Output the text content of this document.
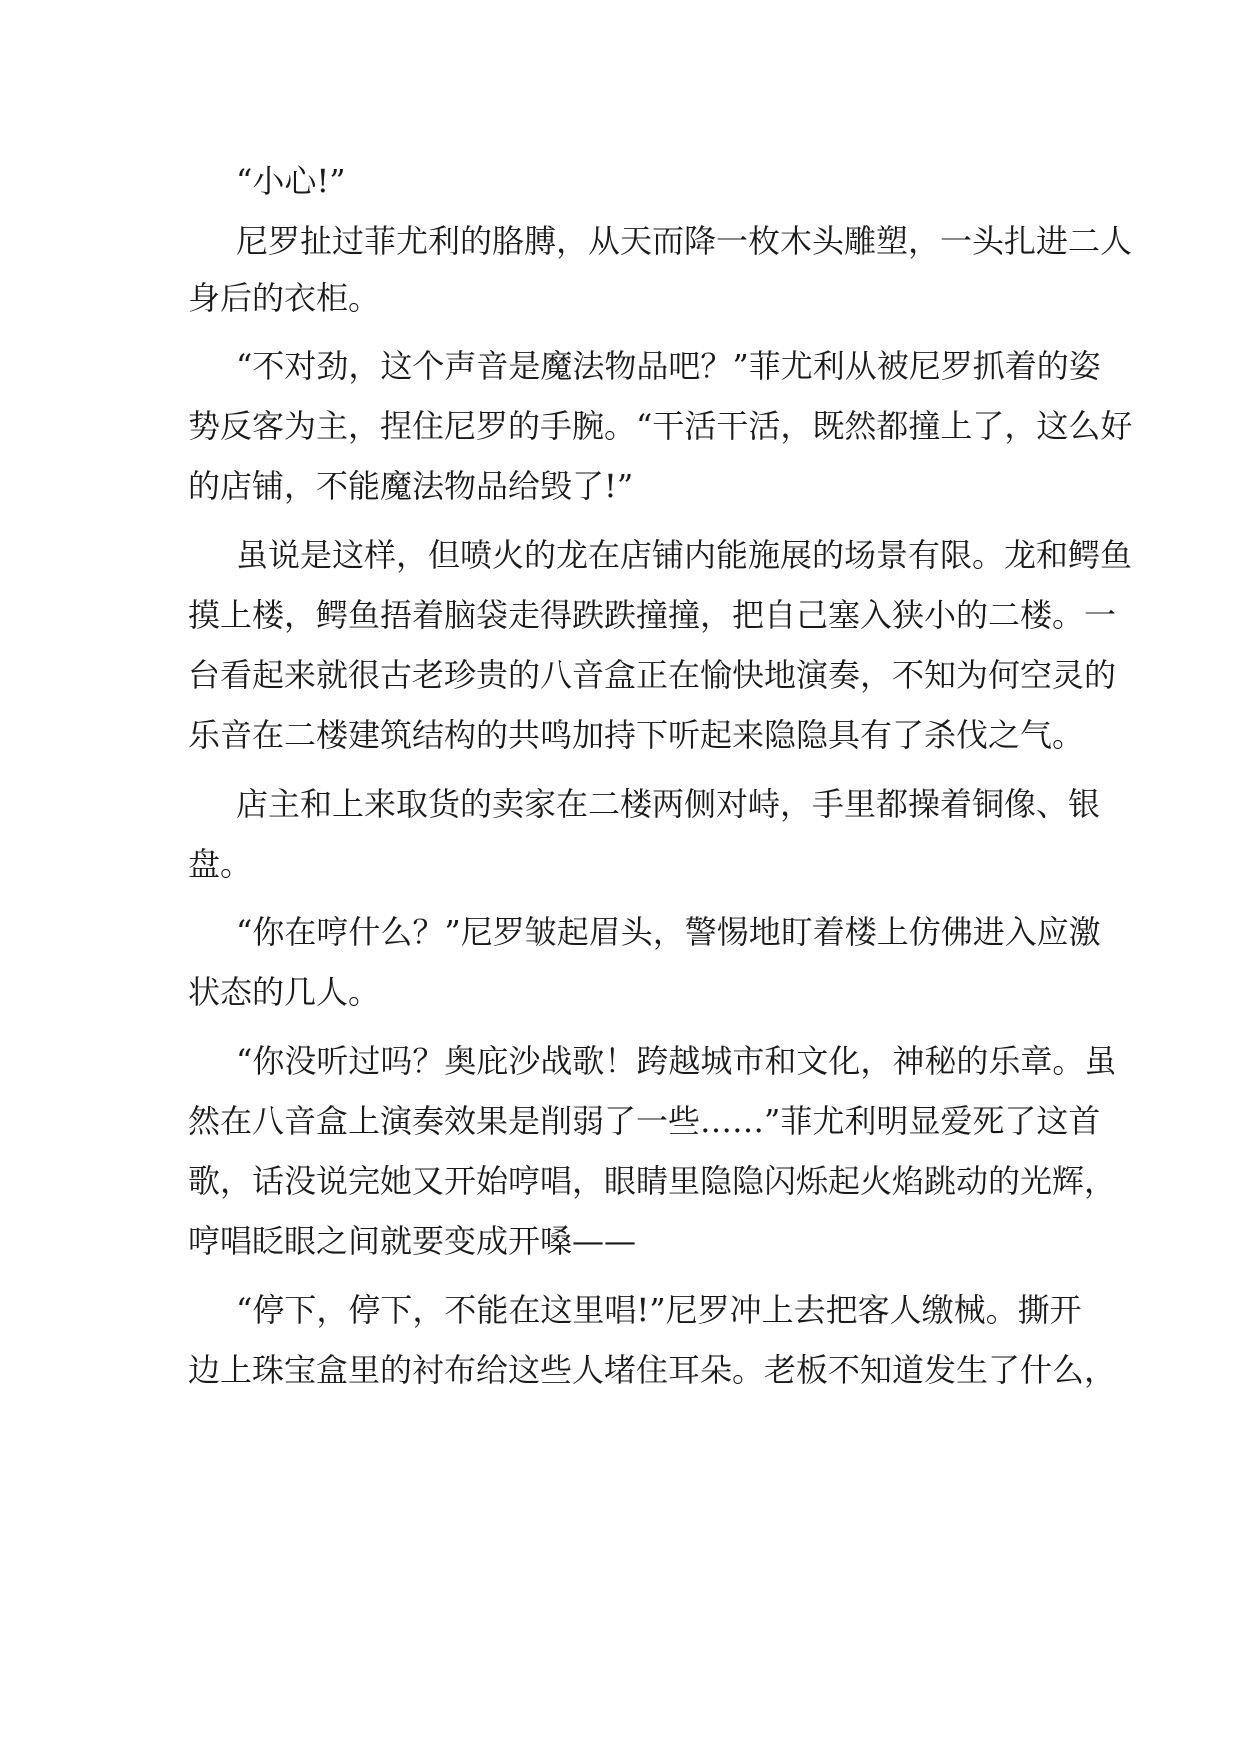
“小心!”

尼罗扯过菲尤利的胳膊，从天而降一枚木头雕塑，一头扎进二人

身后的衣柜。

“不对劲，这个声音是魔法物品吧？”菲尤利从被尼罗抓着的姿

势反客为主，捏住尼罗的手腕。“干活干活，既然都撞上了，这么好

的店铺，不能魔法物品给毁了!”

虽说是这样，但喷火的龙在店铺内能施展的场景有限。龙和鳄鱼

摸上楼，鳄鱼捂着脑袋走得跌跌撞撞，把自己塞入狭小的二楼。一

台看起来就很古老珍贵的八音盒正在愉快地演奏，不知为何空灵的

乐音在二楼建筑结构的共鸣加持下听起来隐隐具有了杀伐之气。

店主和上来取货的卖家在二楼两侧对峙，手里都操着铜像、银

盘。

“你在哼什么？”尼罗皱起眉头，警惕地盯着楼上仿佛进入应激

状态的几人。

“你没听过吗？奥庇沙战歌！跨越城市和文化，神秘的乐章。虽

然在八音盒上演奏效果是削弱了一些……”菲尤利明显爱死了这首

歌，话没说完她又开始哼唱，眼睛里隐隐闪烁起火焰跳动的光辉，

哼唱眨眼之间就要变成开嗓——

“停下，停下，不能在这里唱!”尼罗冲上去把客人缴械。撕开

边上珠宝盒里的衬布给这些人堵住耳朵。老板不知道发生了什么，
